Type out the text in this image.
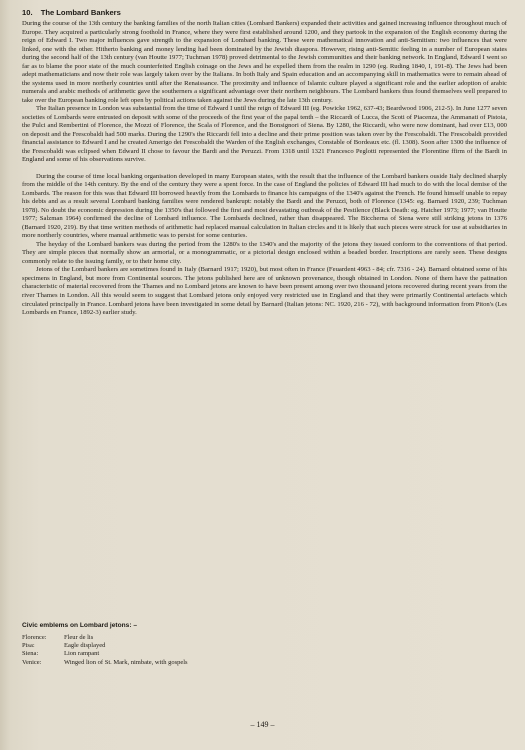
10. The Lombard Bankers

During the course of the 13th century the banking families of the north Italian cities (Lombard Bankers) expanded their activities and gained increasing influence throughout much of Europe. They acquired a particularly strong foothold in France, where they were first established around 1200, and they partook in the expansion of the English economy during the reign of Edward I. Two major influences gave strength to the expansion of Lombard banking. These were mathematical innovation and anti-Semitism: two influences that were linked, one with the other. Hitherto banking and money lending had been dominated by the Jewish diaspora. However, rising anti-Semitic feeling in a number of European states during the second half of the 13th century (van Houtte 1977; Tuchman 1978) proved detrimental to the Jewish communities and their banking network. In England, Edward I went so far as to blame the poor state of the much counterfeited English coinage on the Jews and he expelled them from the realm in 1290 (eg. Ruding 1840, I, 191-8). The Jews had been adept mathematicians and now their role was largely taken over by the Italians. In both Italy and Spain education and an accompanying skill in mathematics were to remain ahead of the systems used in more northerly countries until after the Renaissance. The proximity and influence of Islamic culture played a significant role and the earlier adoption of arabic numerals and arabic methods of arithmetic gave the southerners a significant advantage over their northern neighbours. The Lombard bankers thus found themselves well prepared to take over the European banking role left open by political actions taken against the Jews during the late 13th century.

The Italian presence in London was substantial from the time of Edward I until the reign of Edward III (eg. Powicke 1962, 637-43; Beardwood 1906, 212-5). In June 1277 seven societies of Lombards were entrusted on deposit with some of the proceeds of the first year of the papal tenth – the Riccardi of Lucca, the Scoti of Piacenza, the Ammanati of Pistoia, the Pulci and Rembertini of Florence, the Mozzi of Florence, the Scala of Florence, and the Bonsignori of Siena. By 1280, the Riccardi, who were now dominant, had over £13, 000 on deposit and the Frescobaldi had 500 marks. During the 1290's the Riccardi fell into a decline and their prime position was taken over by the Frescobaldi. The Frescobaldi provided financial assistance to Edward I and he created Amerigo dei Frescobaldi the Warden of the English exchanges, Constable of Bordeaux etc. (fl. 1308). Soon after 1300 the influence of the Frescobaldi was eclipsed when Edward II chose to favour the Bardi and the Peruzzi. From 1318 until 1321 Francesco Peglotti represented the Florentine ffirm of the Bardi in England and some of his observations survive.

During the course of time local banking organisation developed in many European states, with the result that the influence of the Lombard bankers ouside Italy declined sharply from the middle of the 14th century. By the end of the century they were a spent force. In the case of England the policies of Edward III had much to do with the local demise of the Lombards. The reason for this was that Edward III borrowed heavily from the Lombards to finance his campaigns of the 1340's against the French. He found himself unable to repay his debts and as a result several Lombard banking families were rendered bankrupt: notably the Bardi and the Peruzzi, both of Florence (1345: eg. Barnard 1920, 239; Tuchman 1978). No doubt the economic depression during the 1350's that followed the first and most devastating outbreak of the Pestilence (Black Death: eg. Hatcher 1973; 1977; van Houtte 1977; Salzman 1964) confirmed the decline of Lombard influence. The Lombards declined, rather than disappeared. The Biccherna of Siena were still striking jetons in 1376 (Barnard 1920, 219). By that time written methods of arithmetic had replaced manual calculation in Italian circles and it is likely that such pieces were struck for use at subsidiaries in more northerly countries, where manual arithmetic was to persist for some centuries.

The heyday of the Lombard bankers was during the period from the 1280's to the 1340's and the majority of the jetons they issued conform to the conventions of that period. They are simple pieces that normally show an armorial, or a monogrammatic, or a pictorial design enclosed within a beaded border. Inscriptions are rarely seen. These designs commonly relate to the issuing family, or to their home city.

Jetons of the Lombard bankers are sometimes found in Italy (Barnard 1917; 1920), but most often in France (Feuardent 4963 - 84; cfr. 7316 - 24). Barnard obtained some of his specimens in England, but more from Continental sources. The jetons published here are of unknown provenance, though obtained in London. None of them have the patination characteristic of material recovered from the Thames and no Lombard jetons are known to have been present among over two thousand jetons recovered during recent years from the river Thames in London. All this would seem to suggest that Lombard jetons only enjoyed very restricted use in England and that they were primarily Continental artefacts which circulated principally in France. Lombard jetons have been investigated in some detail by Barnard (Italian jetons: NC. 1920, 216 - 72), with background information from Piton's (Les Lombards en France, 1892-3) earlier study.

Civic emblems on Lombard jetons: –
Florence:	Fleur de lis
Pisa:	Eagle displayed
Siena:	Lion rampant
Venice:	Winged lion of St. Mark, nimbate, with gospels
– 149 –
